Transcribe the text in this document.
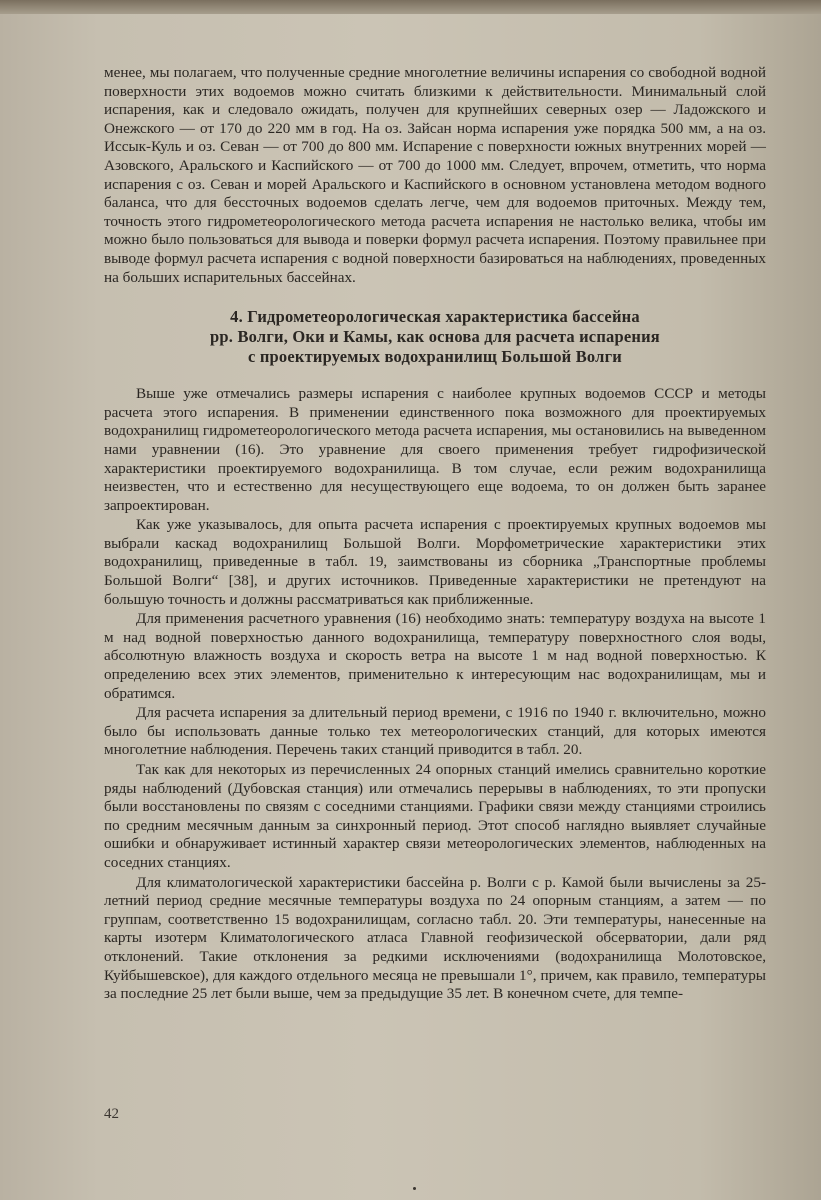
менее, мы полагаем, что полученные средние многолетние величины испарения со свободной водной поверхности этих водоемов можно считать близкими к действительности. Минимальный слой испарения, как и следовало ожидать, получен для крупнейших северных озер — Ладожского и Онежского — от 170 до 220 мм в год. На оз. Зайсан норма испарения уже порядка 500 мм, а на оз. Иссык-Куль и оз. Севан — от 700 до 800 мм. Испарение с поверхности южных внутренних морей — Азовского, Аральского и Каспийского — от 700 до 1000 мм. Следует, впрочем, отметить, что норма испарения с оз. Севан и морей Аральского и Каспийского в основном установлена методом водного баланса, что для бессточных водоемов сделать легче, чем для водоемов приточных. Между тем, точность этого гидрометеорологического метода расчета испарения не настолько велика, чтобы им можно было пользоваться для вывода и поверки формул расчета испарения. Поэтому правильнее при выводе формул расчета испарения с водной поверхности базироваться на наблюдениях, проведенных на больших испарительных бассейнах.

4. Гидрометеорологическая характеристика бассейна
рр. Волги, Оки и Камы, как основа для расчета испарения
с проектируемых водохранилищ Большой Волги

Выше уже отмечались размеры испарения с наиболее крупных водоемов СССР и методы расчета этого испарения. В применении единственного пока возможного для проектируемых водохранилищ гидрометеорологического метода расчета испарения, мы остановились на выведенном нами уравнении (16). Это уравнение для своего применения требует гидрофизической характеристики проектируемого водохранилища. В том случае, если режим водохранилища неизвестен, что и естественно для несуществующего еще водоема, то он должен быть заранее запроектирован.

Как уже указывалось, для опыта расчета испарения с проектируемых крупных водоемов мы выбрали каскад водохранилищ Большой Волги. Морфометрические характеристики этих водохранилищ, приведенные в табл. 19, заимствованы из сборника „Транспортные проблемы Большой Волги“ [38], и других источников. Приведенные характеристики не претендуют на большую точность и должны рассматриваться как приближенные.

Для применения расчетного уравнения (16) необходимо знать: температуру воздуха на высоте 1 м над водной поверхностью данного водохранилища, температуру поверхностного слоя воды, абсолютную влажность воздуха и скорость ветра на высоте 1 м над водной поверхностью. К определению всех этих элементов, применительно к интересующим нас водохранилищам, мы и обратимся.

Для расчета испарения за длительный период времени, с 1916 по 1940 г. включительно, можно было бы использовать данные только тех метеорологических станций, для которых имеются многолетние наблюдения. Перечень таких станций приводится в табл. 20.

Так как для некоторых из перечисленных 24 опорных станций имелись сравнительно короткие ряды наблюдений (Дубовская станция) или отмечались перерывы в наблюдениях, то эти пропуски были восстановлены по связям с соседними станциями. Графики связи между станциями строились по средним месячным данным за синхронный период. Этот способ наглядно выявляет случайные ошибки и обнаруживает истинный характер связи метеорологических элементов, наблюденных на соседних станциях.

Для климатологической характеристики бассейна р. Волги с р. Камой были вычислены за 25-летний период средние месячные температуры воздуха по 24 опорным станциям, а затем — по группам, соответственно 15 водохранилищам, согласно табл. 20. Эти температуры, нанесенные на карты изотерм Климатологического атласа Главной геофизической обсерватории, дали ряд отклонений. Такие отклонения за редкими исключениями (водохранилища Молотовское, Куйбышевское), для каждого отдельного месяца не превышали 1°, причем, как правило, температуры за последние 25 лет были выше, чем за предыдущие 35 лет. В конечном счете, для темпе-

42
